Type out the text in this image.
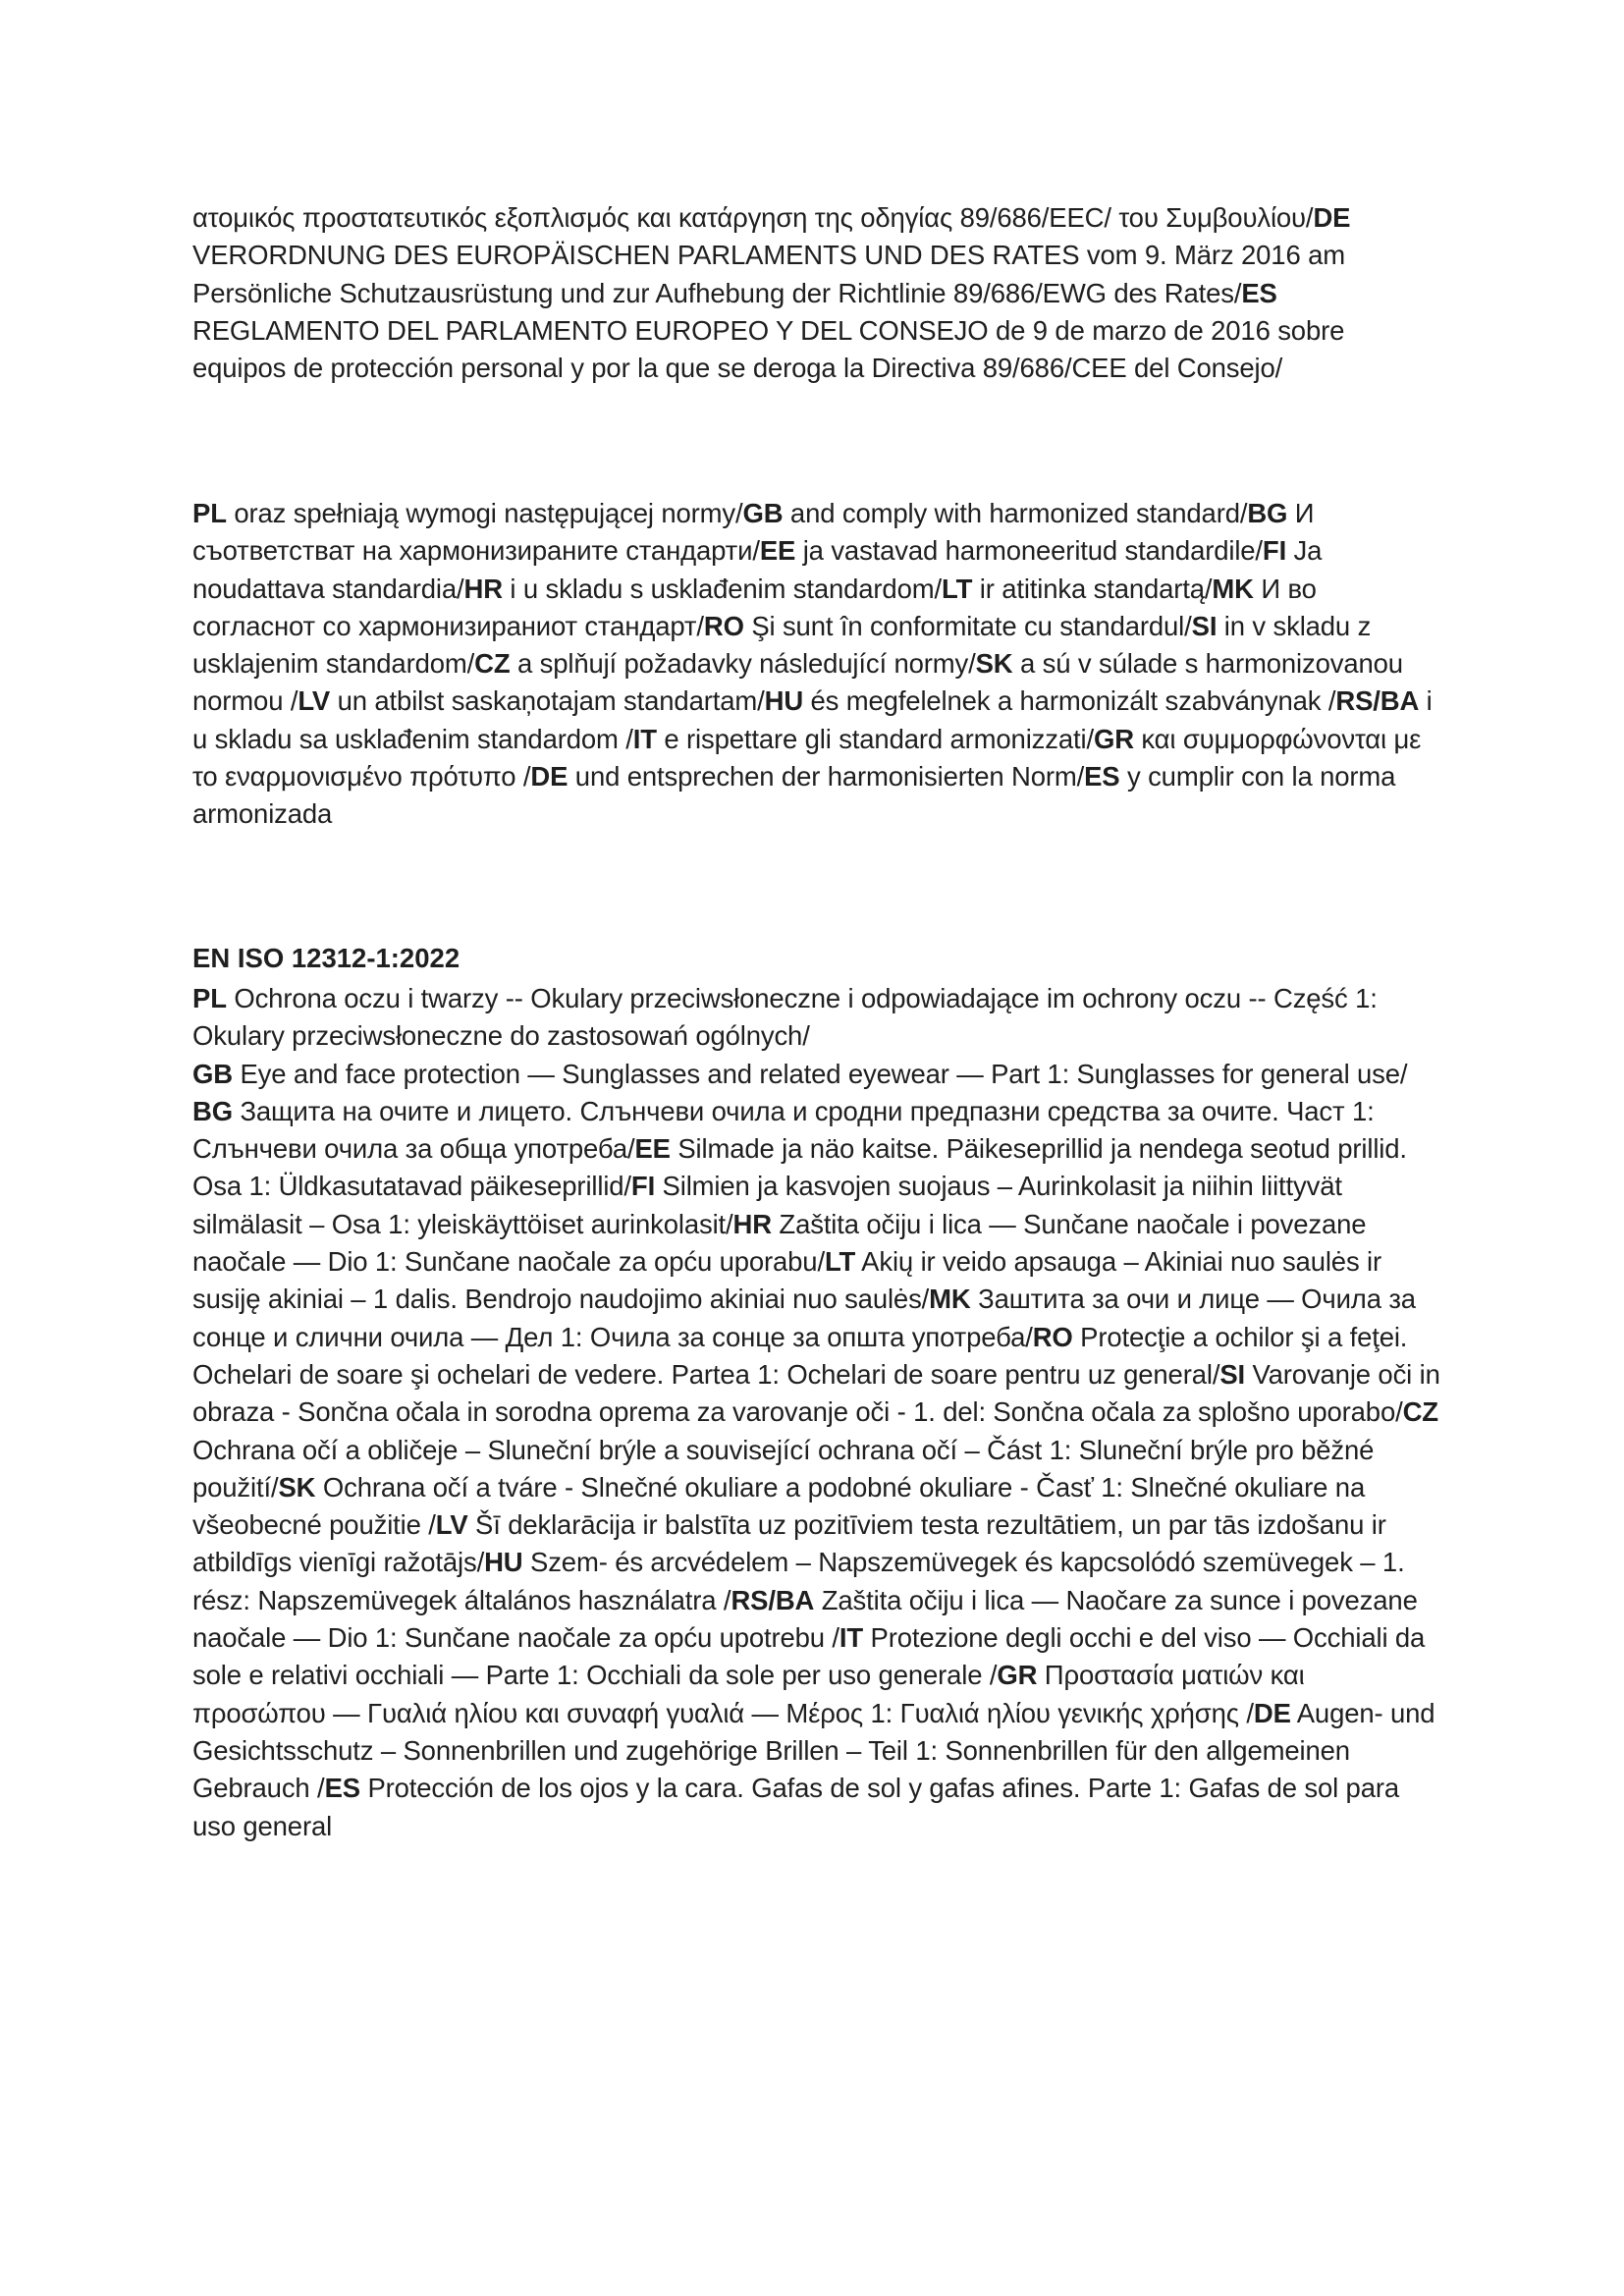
ατομικός προστατευτικός εξοπλισμός και κατάργηση της οδηγίας 89/686/EEC/ του Συμβουλίου/DE VERORDNUNG DES EUROPÄISCHEN PARLAMENTS UND DES RATES vom 9. März 2016 am Persönliche Schutzausrüstung und zur Aufhebung der Richtlinie 89/686/EWG des Rates/ES REGLAMENTO DEL PARLAMENTO EUROPEO Y DEL CONSEJO de 9 de marzo de 2016 sobre equipos de protección personal y por la que se deroga la Directiva 89/686/CEE del Consejo/

PL oraz spełniają wymogi następującej normy/GB and comply with harmonized standard/BG И съответстват на хармонизираните стандарти/EE ja vastavad harmoneeritud standardile/FI Ja noudattava standardia/HR i u skladu s usklađenim standardom/LT ir atitinka standartą/MK И во согласнот со хармонизираниот стандарт/RO Şi sunt în conformitate cu standardul/SI in v skladu z usklajenim standardom/CZ a splňují požadavky následující normy/SK a sú v súlade s harmonizovanou normou /LV un atbilst saskaņotajam standartam/HU és megfelelnek a harmonizált szabványnak /RS/BA i u skladu sa usklađenim standardom /IT e rispettare gli standard armonizzati/GR και συμμορφώνονται με το εναρμονισμένο πρότυπο /DE und entsprechen der harmonisierten Norm/ES y cumplir con la norma armonizada

EN ISO 12312-1:2022

PL Ochrona oczu i twarzy -- Okulary przeciwsłoneczne i odpowiadające im ochrony oczu -- Część 1: Okulary przeciwsłoneczne do zastosowań ogólnych/
GB Eye and face protection — Sunglasses and related eyewear — Part 1: Sunglasses for general use/
BG Защита на очите и лицето. Слънчеви очила и сродни предпазни средства за очите. Част 1: Слънчеви очила за обща употреба/EE Silmade ja näo kaitse. Päikeseprillid ja nendega seotud prillid. Osa 1: Üldkasutatavad päikeseprillid/FI Silmien ja kasvojen suojaus – Aurinkolasit ja niihin liittyvät silmälasit – Osa 1: yleiskäyttöiset aurinkolasit/HR Zaštita očiju i lica — Sunčane naočale i povezane naočale — Dio 1: Sunčane naočale za opću uporabu/LT Akių ir veido apsauga – Akiniai nuo saulės ir susiję akiniai – 1 dalis. Bendrojo naudojimo akiniai nuo saulės/MK Заштита за очи и лице — Очила за сонце и слични очила — Дел 1: Очила за сонце за општа употреба/RO Protecţie a ochilor şi a feţei. Ochelari de soare şi ochelari de vedere. Partea 1: Ochelari de soare pentru uz general/SI Varovanje oči in obraza - Sončna očala in sorodna oprema za varovanje oči - 1. del: Sončna očala za splošno uporabo/CZ Ochrana očí a obličeje – Sluneční brýle a související ochrana očí – Část 1: Sluneční brýle pro běžné použití/SK Ochrana očí a tváre - Slnečné okuliare a podobné okuliare - Časť 1: Slnečné okuliare na všeobecné použitie /LV Šī deklarācija ir balstīta uz pozitīviem testa rezultātiem, un par tās izdošanu ir atbildīgs vienīgi ražotājs/HU Szem- és arcvédelem – Napszemüvegek és kapcsolódó szemüvegek – 1. rész: Napszemüvegek általános használatra /RS/BA Zaštita očiju i lica — Naočare za sunce i povezane naočale — Dio 1: Sunčane naočale za opću upotrebu /IT Protezione degli occhi e del viso — Occhiali da sole e relativi occhiali — Parte 1: Occhiali da sole per uso generale /GR Προστασία ματιών και προσώπου — Γυαλιά ηλίου και συναφή γυαλιά — Μέρος 1: Γυαλιά ηλίου γενικής χρήσης /DE Augen- und Gesichtsschutz – Sonnenbrillen und zugehörige Brillen – Teil 1: Sonnenbrillen für den allgemeinen Gebrauch /ES Protección de los ojos y la cara. Gafas de sol y gafas afines. Parte 1: Gafas de sol para uso general
